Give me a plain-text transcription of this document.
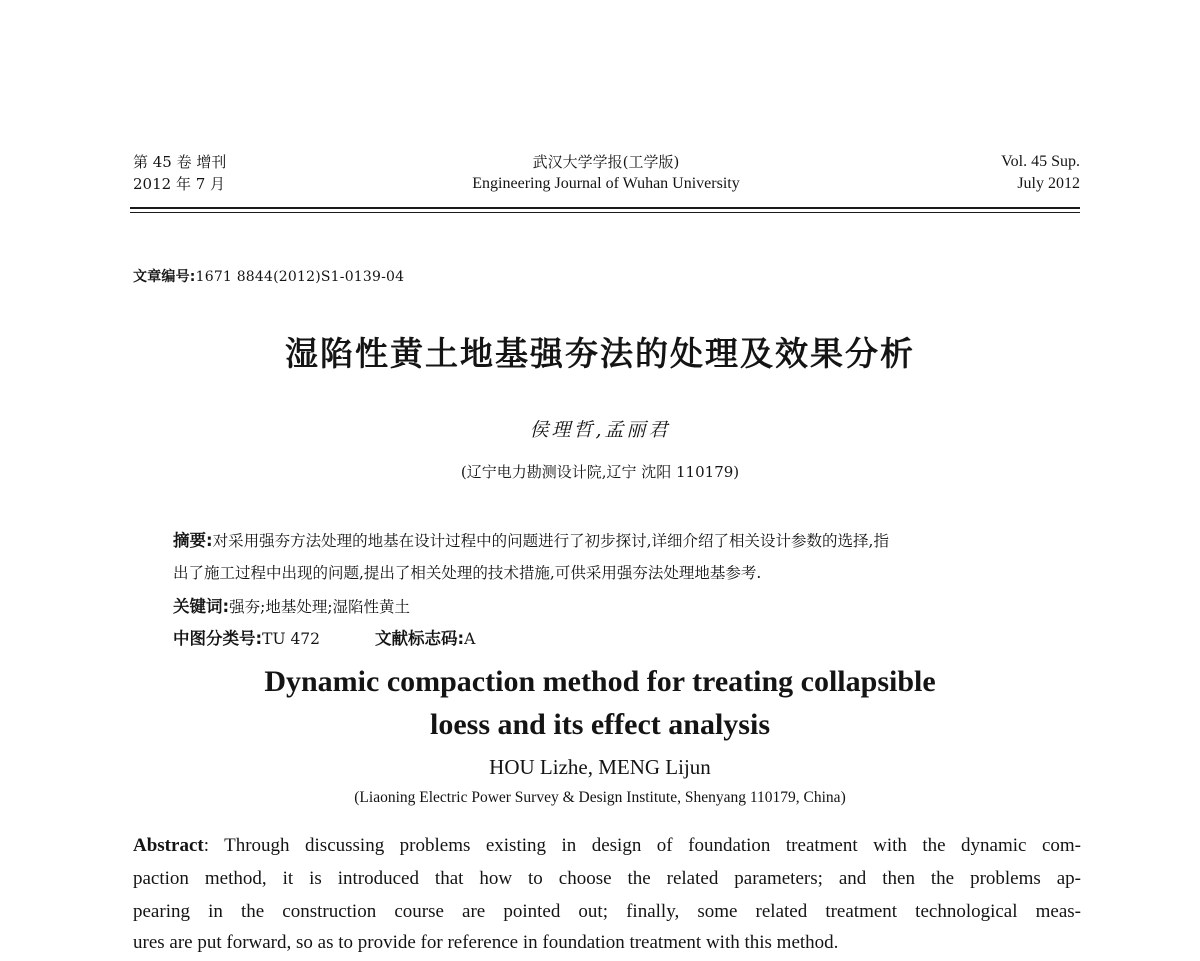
第 45 卷 增刊
2012 年 7 月
武汉大学学报(工学版)
Engineering Journal of Wuhan University
Vol. 45 Sup.
July 2012
文章编号:1671 8844(2012)S1-0139-04
湿陷性黄土地基强夯法的处理及效果分析
侯理哲,孟丽君
(辽宁电力勘测设计院,辽宁 沈阳 110179)
摘要:对采用强夯方法处理的地基在设计过程中的问题进行了初步探讨,详细介绍了相关设计参数的选择,指
出了施工过程中出现的问题,提出了相关处理的技术措施,可供采用强夯法处理地基参考.
关键词:强夯;地基处理;湿陷性黄土
中图分类号:TU 472	文献标志码:A
Dynamic compaction method for treating collapsible
loess and its effect analysis
HOU Lizhe, MENG Lijun
(Liaoning Electric Power Survey & Design Institute, Shenyang 110179, China)
Abstract: Through discussing problems existing in design of foundation treatment with the dynamic com-
paction method, it is introduced that how to choose the related parameters; and then the problems ap-
pearing in the construction course are pointed out; finally, some related treatment technological meas-
ures are put forward, so as to provide for reference in foundation treatment with this method.
